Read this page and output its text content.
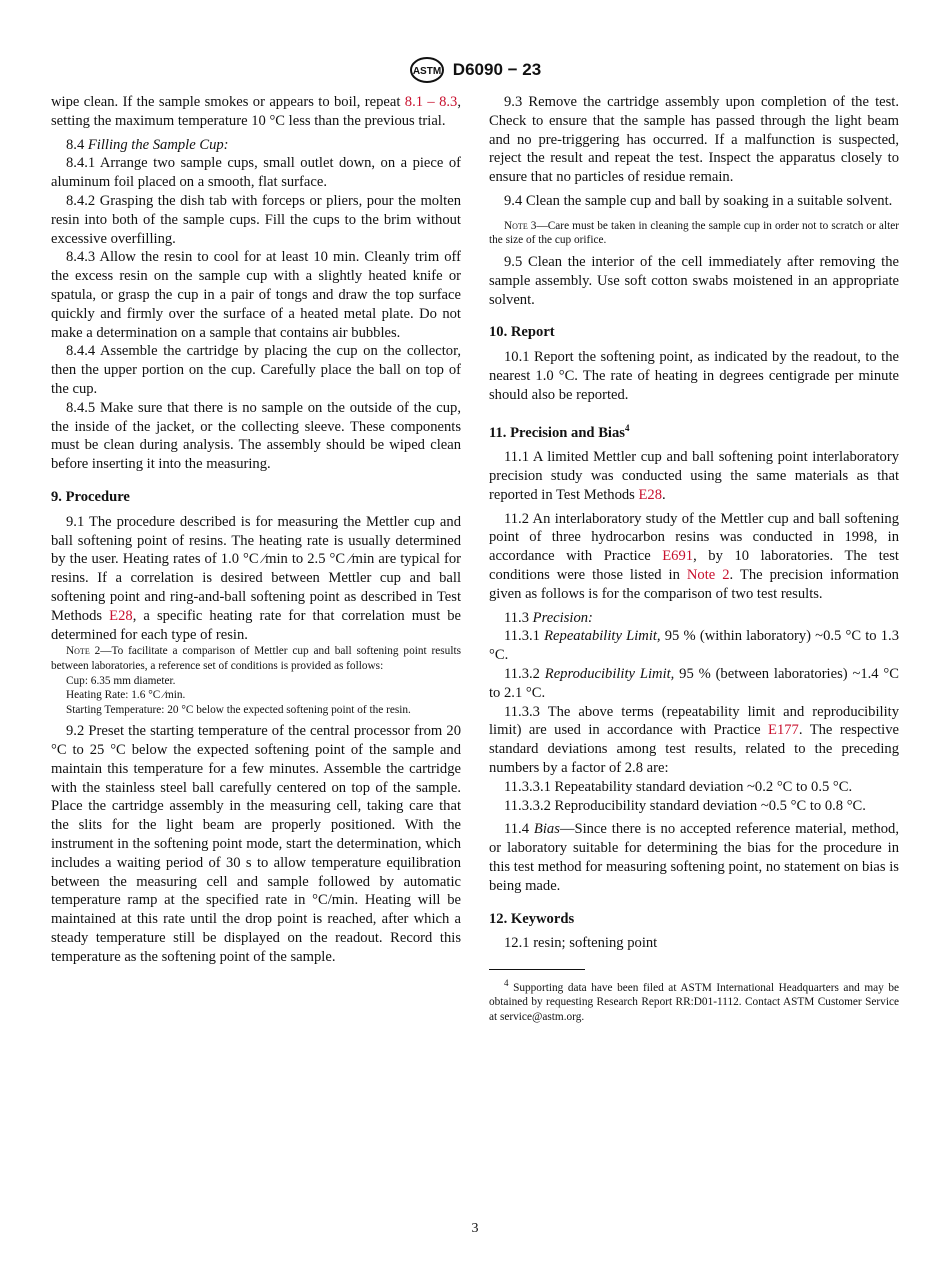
ASTM D6090 − 23

wipe clean. If the sample smokes or appears to boil, repeat 8.1 – 8.3, setting the maximum temperature 10 °C less than the previous trial.

8.4 Filling the Sample Cup:

8.4.1 Arrange two sample cups, small outlet down, on a piece of aluminum foil placed on a smooth, flat surface.

8.4.2 Grasping the dish tab with forceps or pliers, pour the molten resin into both of the sample cups. Fill the cups to the brim without excessive overfilling.

8.4.3 Allow the resin to cool for at least 10 min. Cleanly trim off the excess resin on the sample cup with a slightly heated knife or spatula, or grasp the cup in a pair of tongs and draw the top surface quickly and firmly over the surface of a heated metal plate. Do not make a determination on a sample that contains air bubbles.

8.4.4 Assemble the cartridge by placing the cup on the collector, then the upper portion on the cup. Carefully place the ball on top of the cup.

8.4.5 Make sure that there is no sample on the outside of the cup, the inside of the jacket, or the collecting sleeve. These components must be clean during analysis. The assembly should be wiped clean before inserting it into the measuring.

9. Procedure

9.1 The procedure described is for measuring the Mettler cup and ball softening point of resins. The heating rate is usually determined by the user. Heating rates of 1.0 °C ⁄min to 2.5 °C ⁄min are typical for resins. If a correlation is desired between Mettler cup and ball softening point and ring-and-ball softening point as described in Test Methods E28, a specific heating rate for that correlation must be determined for each type of resin.

Note 2—To facilitate a comparison of Mettler cup and ball softening point results between laboratories, a reference set of conditions is provided as follows:

Cup: 6.35 mm diameter.

Heating Rate: 1.6 °C ⁄min.

Starting Temperature: 20 °C below the expected softening point of the resin.

9.2 Preset the starting temperature of the central processor from 20 °C to 25 °C below the expected softening point of the sample and maintain this temperature for a few minutes. Assemble the cartridge with the stainless steel ball carefully centered on top of the sample. Place the cartridge assembly in the measuring cell, taking care that the slits for the light beam are properly positioned. With the instrument in the softening point mode, start the determination, which includes a waiting period of 30 s to allow temperature equilibration between the measuring cell and sample followed by automatic temperature ramp at the specified rate in °C/min. Heating will be maintained at this rate until the drop point is reached, after which a steady temperature still be displayed on the readout. Record this temperature as the softening point of the sample.

9.3 Remove the cartridge assembly upon completion of the test. Check to ensure that the sample has passed through the light beam and no pre-triggering has occurred. If a malfunction is suspected, reject the result and repeat the test. Inspect the apparatus closely to ensure that no particles of residue remain.

9.4 Clean the sample cup and ball by soaking in a suitable solvent.

Note 3—Care must be taken in cleaning the sample cup in order not to scratch or alter the size of the cup orifice.

9.5 Clean the interior of the cell immediately after removing the sample assembly. Use soft cotton swabs moistened in an appropriate solvent.

10. Report

10.1 Report the softening point, as indicated by the readout, to the nearest 1.0 °C. The rate of heating in degrees centigrade per minute should also be reported.

11. Precision and Bias$^4$

11.1 A limited Mettler cup and ball softening point interlaboratory precision study was conducted using the same materials as that reported in Test Methods E28.

11.2 An interlaboratory study of the Mettler cup and ball softening point of three hydrocarbon resins was conducted in 1998, in accordance with Practice E691, by 10 laboratories. The test conditions were those listed in Note 2. The precision information given as follows is for the comparison of two test results.

11.3 Precision:

11.3.1 Repeatability Limit, 95 % (within laboratory) ~0.5 °C to 1.3 °C.

11.3.2 Reproducibility Limit, 95 % (between laboratories) ~1.4 °C to 2.1 °C.

11.3.3 The above terms (repeatability limit and reproducibility limit) are used in accordance with Practice E177. The respective standard deviations among test results, related to the preceding numbers by a factor of 2.8 are:

11.3.3.1 Repeatability standard deviation ~0.2 °C to 0.5 °C.

11.3.3.2 Reproducibility standard deviation ~0.5 °C to 0.8 °C.

11.4 Bias—Since there is no accepted reference material, method, or laboratory suitable for determining the bias for the procedure in this test method for measuring softening point, no statement on bias is being made.

12. Keywords

12.1 resin; softening point

$^4$ Supporting data have been filed at ASTM International Headquarters and may be obtained by requesting Research Report RR:D01-1112. Contact ASTM Customer Service at service@astm.org.

3
